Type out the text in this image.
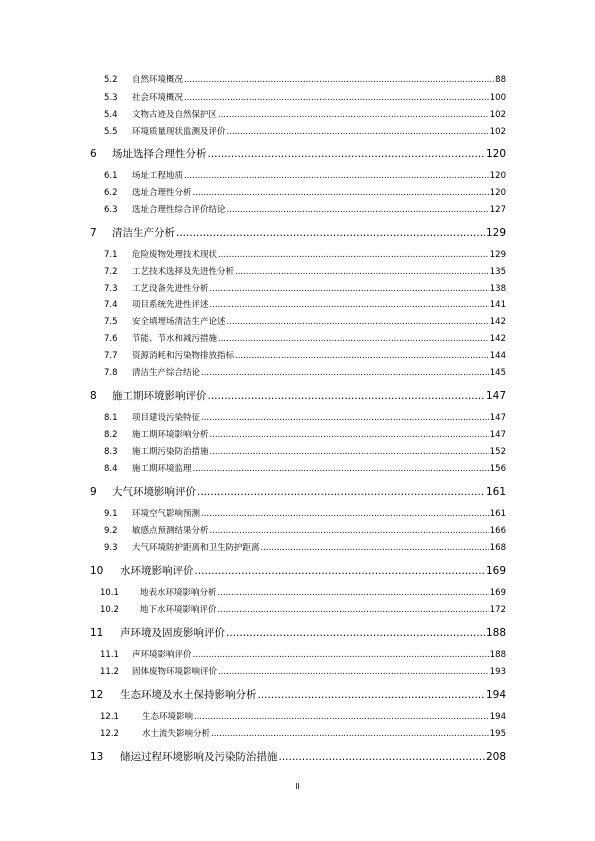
5.2	自然环境概况 .....	88
5.3	社会环境概况 .....	100
5.4	文物古迹及自然保护区 .....	102
5.5	环境质量现状监测及评价 .....	102
6	场址选择合理性分析 .....	120
6.1	场址工程地质 .....	120
6.2	选址合理性分析 .....	120
6.3	选址合理性综合评价结论 .....	127
7	清洁生产分析 .....	129
7.1	危险废物处理技术现状 .....	129
7.2	工艺技术选择及先进性分析 .....	135
7.3	工艺设备先进性分析 .....	138
7.4	项目系统先进性评述 .....	141
7.5	安全填埋场清洁生产论述 .....	142
7.6	节能、节水和减污措施 .....	142
7.7	资源消耗和污染物排放指标 .....	144
7.8	清洁生产综合结论 .....	145
8	施工期环境影响评价 .....	147
8.1	项目建设污染特征 .....	147
8.2	施工期环境影响分析 .....	147
8.3	施工期污染防治措施 .....	152
8.4	施工期环境监理 .....	156
9	大气环境影响评价 .....	161
9.1	环境空气影响预测 .....	161
9.2	敏感点预测结果分析 .....	166
9.3	大气环境防护距离和卫生防护距离 .....	168
10	水环境影响评价 .....	169
10.1	地表水环境影响分析 .....	169
10.2	地下水环境影响评价 .....	172
11	声环境及固废影响评价 .....	188
11.1	声环境影响评价 .....	188
11.2	固体废物环境影响评价 .....	193
12	生态环境及水土保持影响分析 .....	194
12.1	生态环境影响 .....	194
12.2	水土流失影响分析 .....	195
13	储运过程环境影响及污染防治措施 .....	208
II
